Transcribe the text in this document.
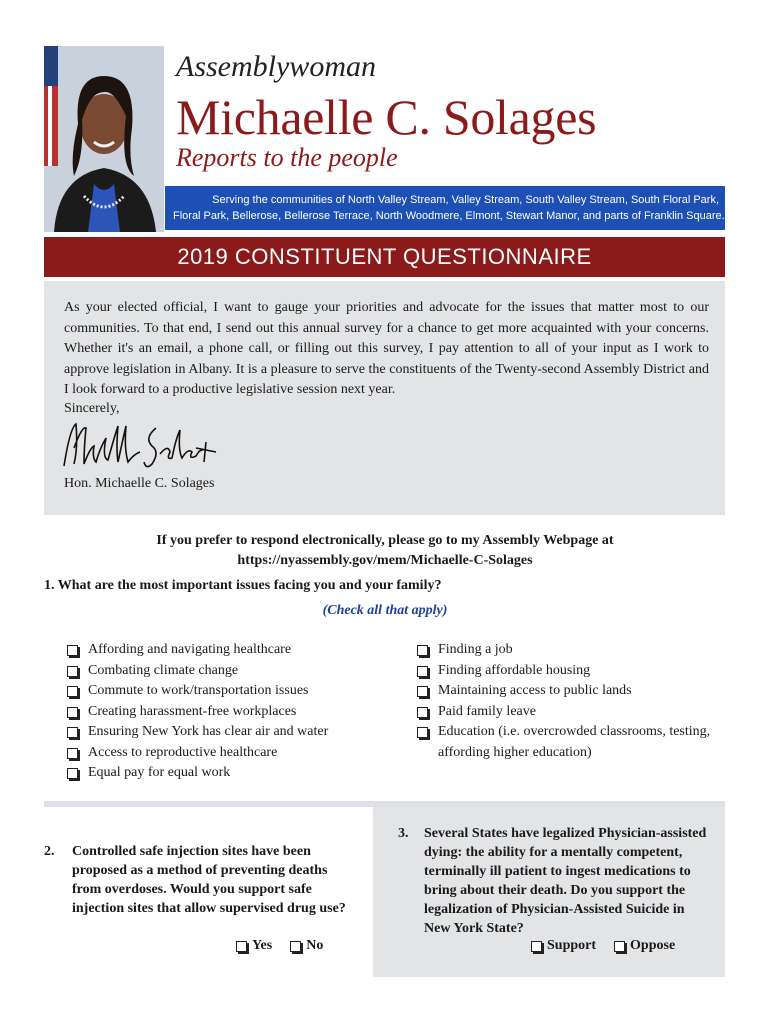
Assemblywoman
Michaelle C. Solages
Reports to the people
Serving the communities of North Valley Stream, Valley Stream, South Valley Stream, South Floral Park,
Floral Park, Bellerose, Bellerose Terrace, North Woodmere, Elmont, Stewart Manor, and parts of Franklin Square.
2019 CONSTITUENT QUESTIONNAIRE
As your elected official, I want to gauge your priorities and advocate for the issues that matter most to our communities. To that end, I send out this annual survey for a chance to get more acquainted with your concerns. Whether it's an email, a phone call, or filling out this survey, I pay attention to all of your input as I work to approve legislation in Albany. It is a pleasure to serve the constituents of the Twenty-second Assembly District and I look forward to a productive legislative session next year.
Sincerely,
Hon. Michaelle C. Solages
If you prefer to respond electronically, please go to my Assembly Webpage at
https://nyassembly.gov/mem/Michaelle-C-Solages
1. What are the most important issues facing you and your family?
(Check all that apply)
Affording and navigating healthcare
Combating climate change
Commute to work/transportation issues
Creating harassment-free workplaces
Ensuring New York has clear air and water
Access to reproductive healthcare
Equal pay for equal work
Finding a job
Finding affordable housing
Maintaining access to public lands
Paid family leave
Education (i.e. overcrowded classrooms, testing, affording higher education)
2.	Controlled safe injection sites have been proposed as a method of preventing deaths from overdoses. Would you support safe injection sites that allow supervised drug use?
Yes
No
3.	Several States have legalized Physician-assisted dying: the ability for a mentally competent, terminally ill patient to ingest medications to bring about their death. Do you support the legalization of Physician-Assisted Suicide in New York State?
Support
Oppose
